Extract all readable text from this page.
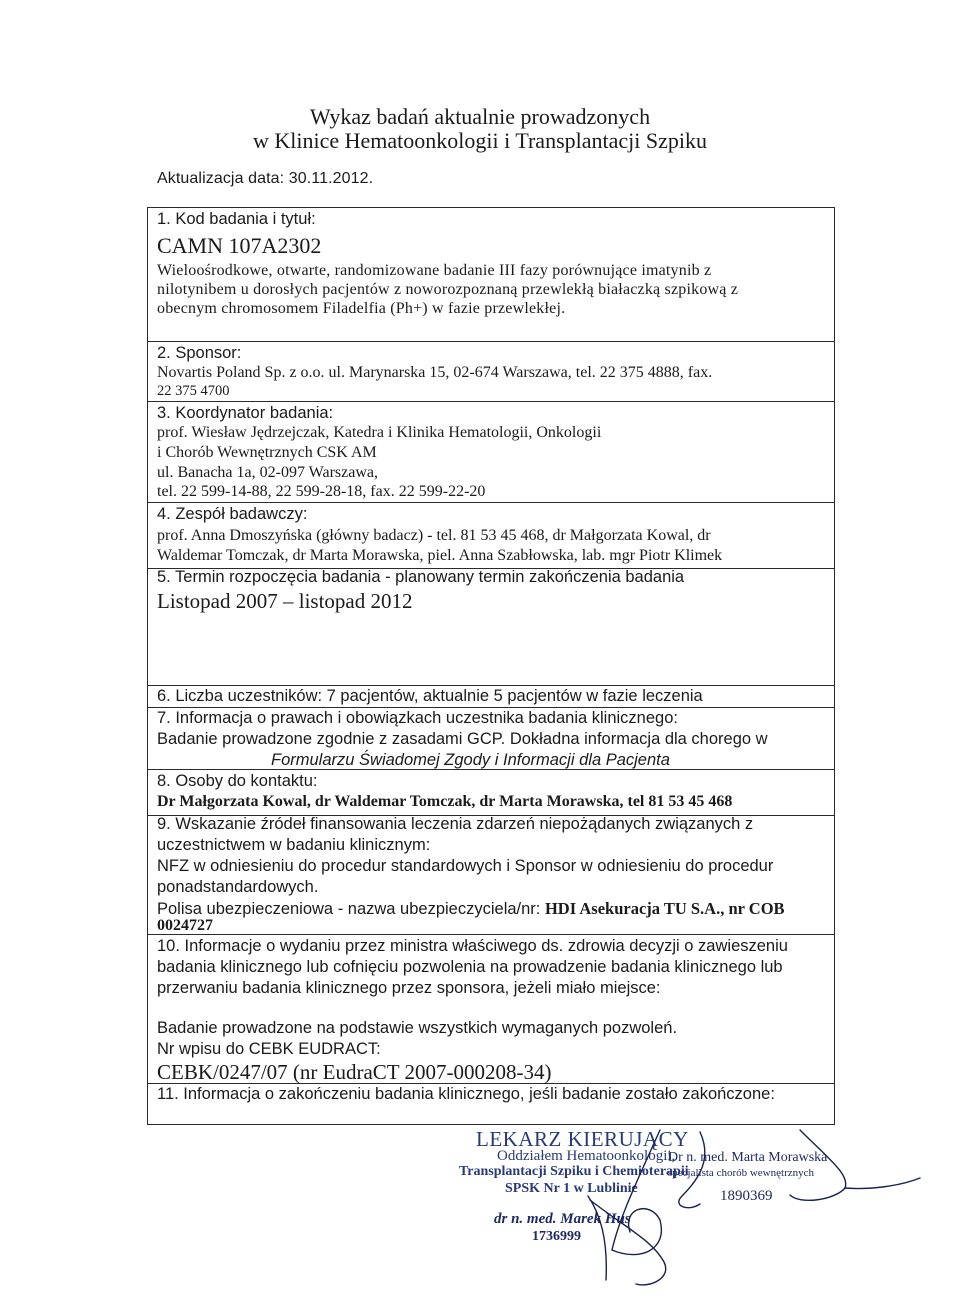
Wykaz badań aktualnie prowadzonych
w Klinice Hematoonkologii i Transplantacji Szpiku
Aktualizacja data: 30.11.2012.
1. Kod badania i tytuł:
CAMN 107A2302
Wieloośrodkowe, otwarte, randomizowane badanie III fazy porównujące imatynib z
nilotynibem u dorosłych pacjentów z noworozpoznaną przewlekłą białaczką szpikową z
obecnym chromosomem Filadelfia (Ph+) w fazie przewlekłej.
2. Sponsor:
Novartis Poland Sp. z o.o. ul. Marynarska 15, 02-674 Warszawa, tel. 22 375 4888, fax.
22 375 4700
3. Koordynator badania:
prof. Wiesław Jędrzejczak, Katedra i Klinika Hematologii, Onkologii
i Chorób Wewnętrznych CSK AM
ul. Banacha 1a, 02-097 Warszawa,
tel. 22 599-14-88, 22 599-28-18, fax. 22 599-22-20
4. Zespół badawczy:
prof. Anna Dmoszyńska (główny badacz) - tel. 81 53 45 468, dr Małgorzata Kowal, dr
Waldemar Tomczak, dr Marta Morawska, piel. Anna Szabłowska, lab. mgr Piotr Klimek
5. Termin rozpoczęcia badania - planowany termin zakończenia badania
Listopad 2007 – listopad 2012
6. Liczba uczestników: 7 pacjentów, aktualnie 5 pacjentów w fazie leczenia
7. Informacja o prawach i obowiązkach uczestnika badania klinicznego:
Badanie prowadzone zgodnie z zasadami GCP. Dokładna informacja dla chorego w
Formularzu Świadomej Zgody i Informacji dla Pacjenta
8. Osoby do kontaktu:
Dr Małgorzata Kowal, dr Waldemar Tomczak, dr Marta Morawska, tel 81 53 45 468
9. Wskazanie źródeł finansowania leczenia zdarzeń niepożądanych związanych z
uczestnictwem w badaniu klinicznym:
NFZ w odniesieniu do procedur standardowych i Sponsor w odniesieniu do procedur
ponadstandardowych.
Polisa ubezpieczeniowa - nazwa ubezpieczyciela/nr: HDI Asekuracja TU S.A., nr COB
0024727
10. Informacje o wydaniu przez ministra właściwego ds. zdrowia decyzji o zawieszeniu
badania klinicznego lub cofnięciu pozwolenia na prowadzenie badania klinicznego lub
przerwaniu badania klinicznego przez sponsora, jeżeli miało miejsce:
Badanie prowadzone na podstawie wszystkich wymaganych pozwoleń.
Nr wpisu do CEBK EUDRACT:
CEBK/0247/07 (nr EudraCT 2007-000208-34)
11. Informacja o zakończeniu badania klinicznego, jeśli badanie zostało zakończone:
LEKARZ KIERUJĄCY
Oddziałem Hematoonkologii,
Transplantacji Szpiku i Chemioterapii
SPSK Nr 1 w Lublinie
dr n. med. Marek Hus
1736999
Dr n. med. Marta Morawska
specjalista chorób wewnętrznych
1890369
